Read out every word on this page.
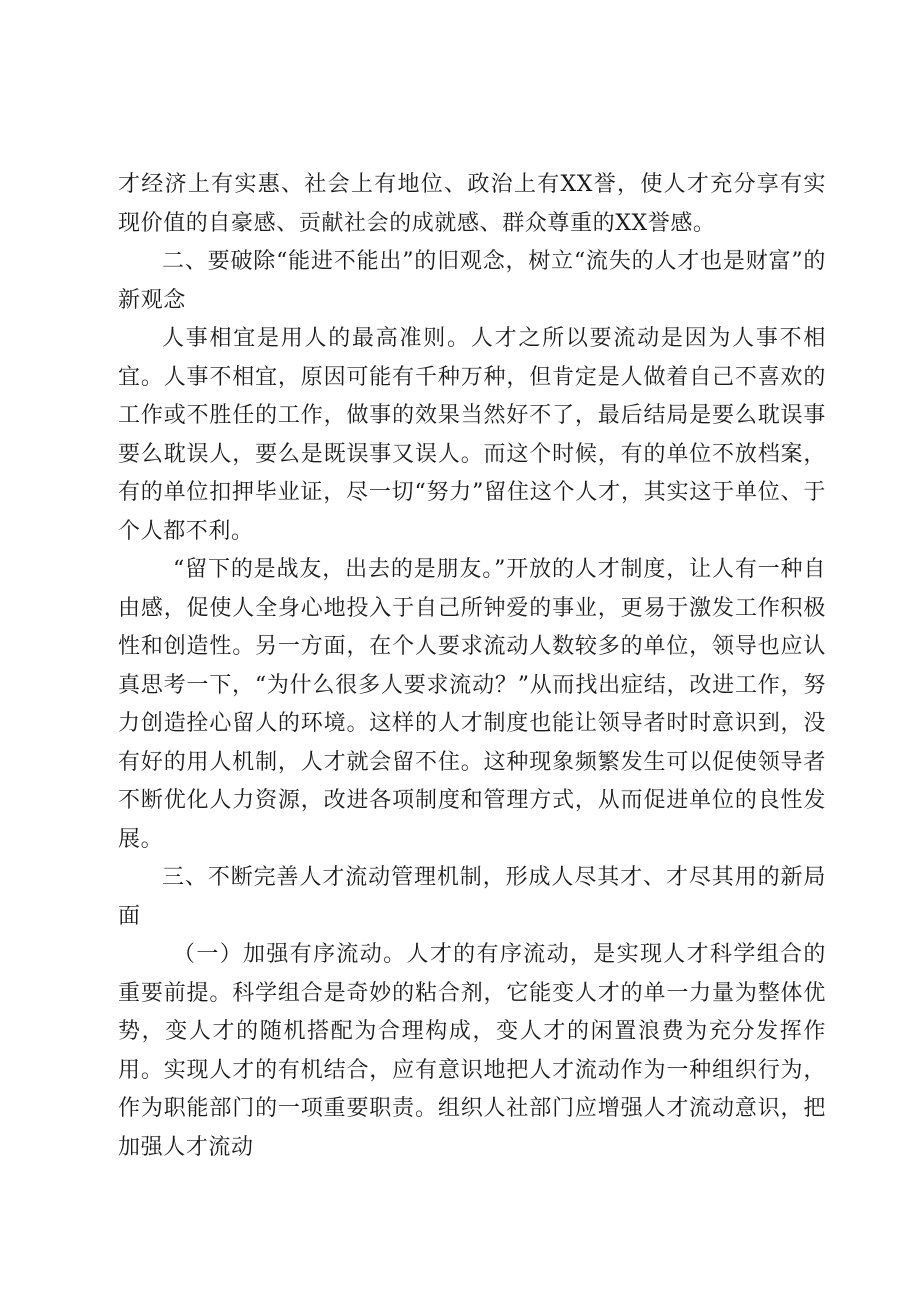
才经济上有实惠、社会上有地位、政治上有XX誉，使人才充分享有实现价值的自豪感、贡献社会的成就感、群众尊重的XX誉感。

二、要破除“能进不能出”的旧观念，树立“流失的人才也是财富”的新观念

人事相宜是用人的最高准则。人才之所以要流动是因为人事不相宜。人事不相宜，原因可能有千种万种，但肯定是人做着自己不喜欢的工作或不胜任的工作，做事的效果当然好不了，最后结局是要么耽误事要么耽误人，要么是既误事又误人。而这个时候，有的单位不放档案，有的单位扣押毕业证，尽一切“努力”留住这个人才，其实这于单位、于个人都不利。

“留下的是战友，出去的是朋友。”开放的人才制度，让人有一种自由感，促使人全身心地投入于自己所钟爱的事业，更易于激发工作积极性和创造性。另一方面，在个人要求流动人数较多的单位，领导也应认真思考一下，“为什么很多人要求流动？”从而找出症结，改进工作，努力创造拴心留人的环境。这样的人才制度也能让领导者时时意识到，没有好的用人机制，人才就会留不住。这种现象频繁发生可以促使领导者不断优化人力资源，改进各项制度和管理方式，从而促进单位的良性发展。

三、不断完善人才流动管理机制，形成人尽其才、才尽其用的新局面

（一）加强有序流动。人才的有序流动，是实现人才科学组合的重要前提。科学组合是奇妙的粘合剂，它能变人才的单一力量为整体优势，变人才的随机搭配为合理构成，变人才的闲置浪费为充分发挥作用。实现人才的有机结合，应有意识地把人才流动作为一种组织行为，作为职能部门的一项重要职责。组织人社部门应增强人才流动意识，把加强人才流动
